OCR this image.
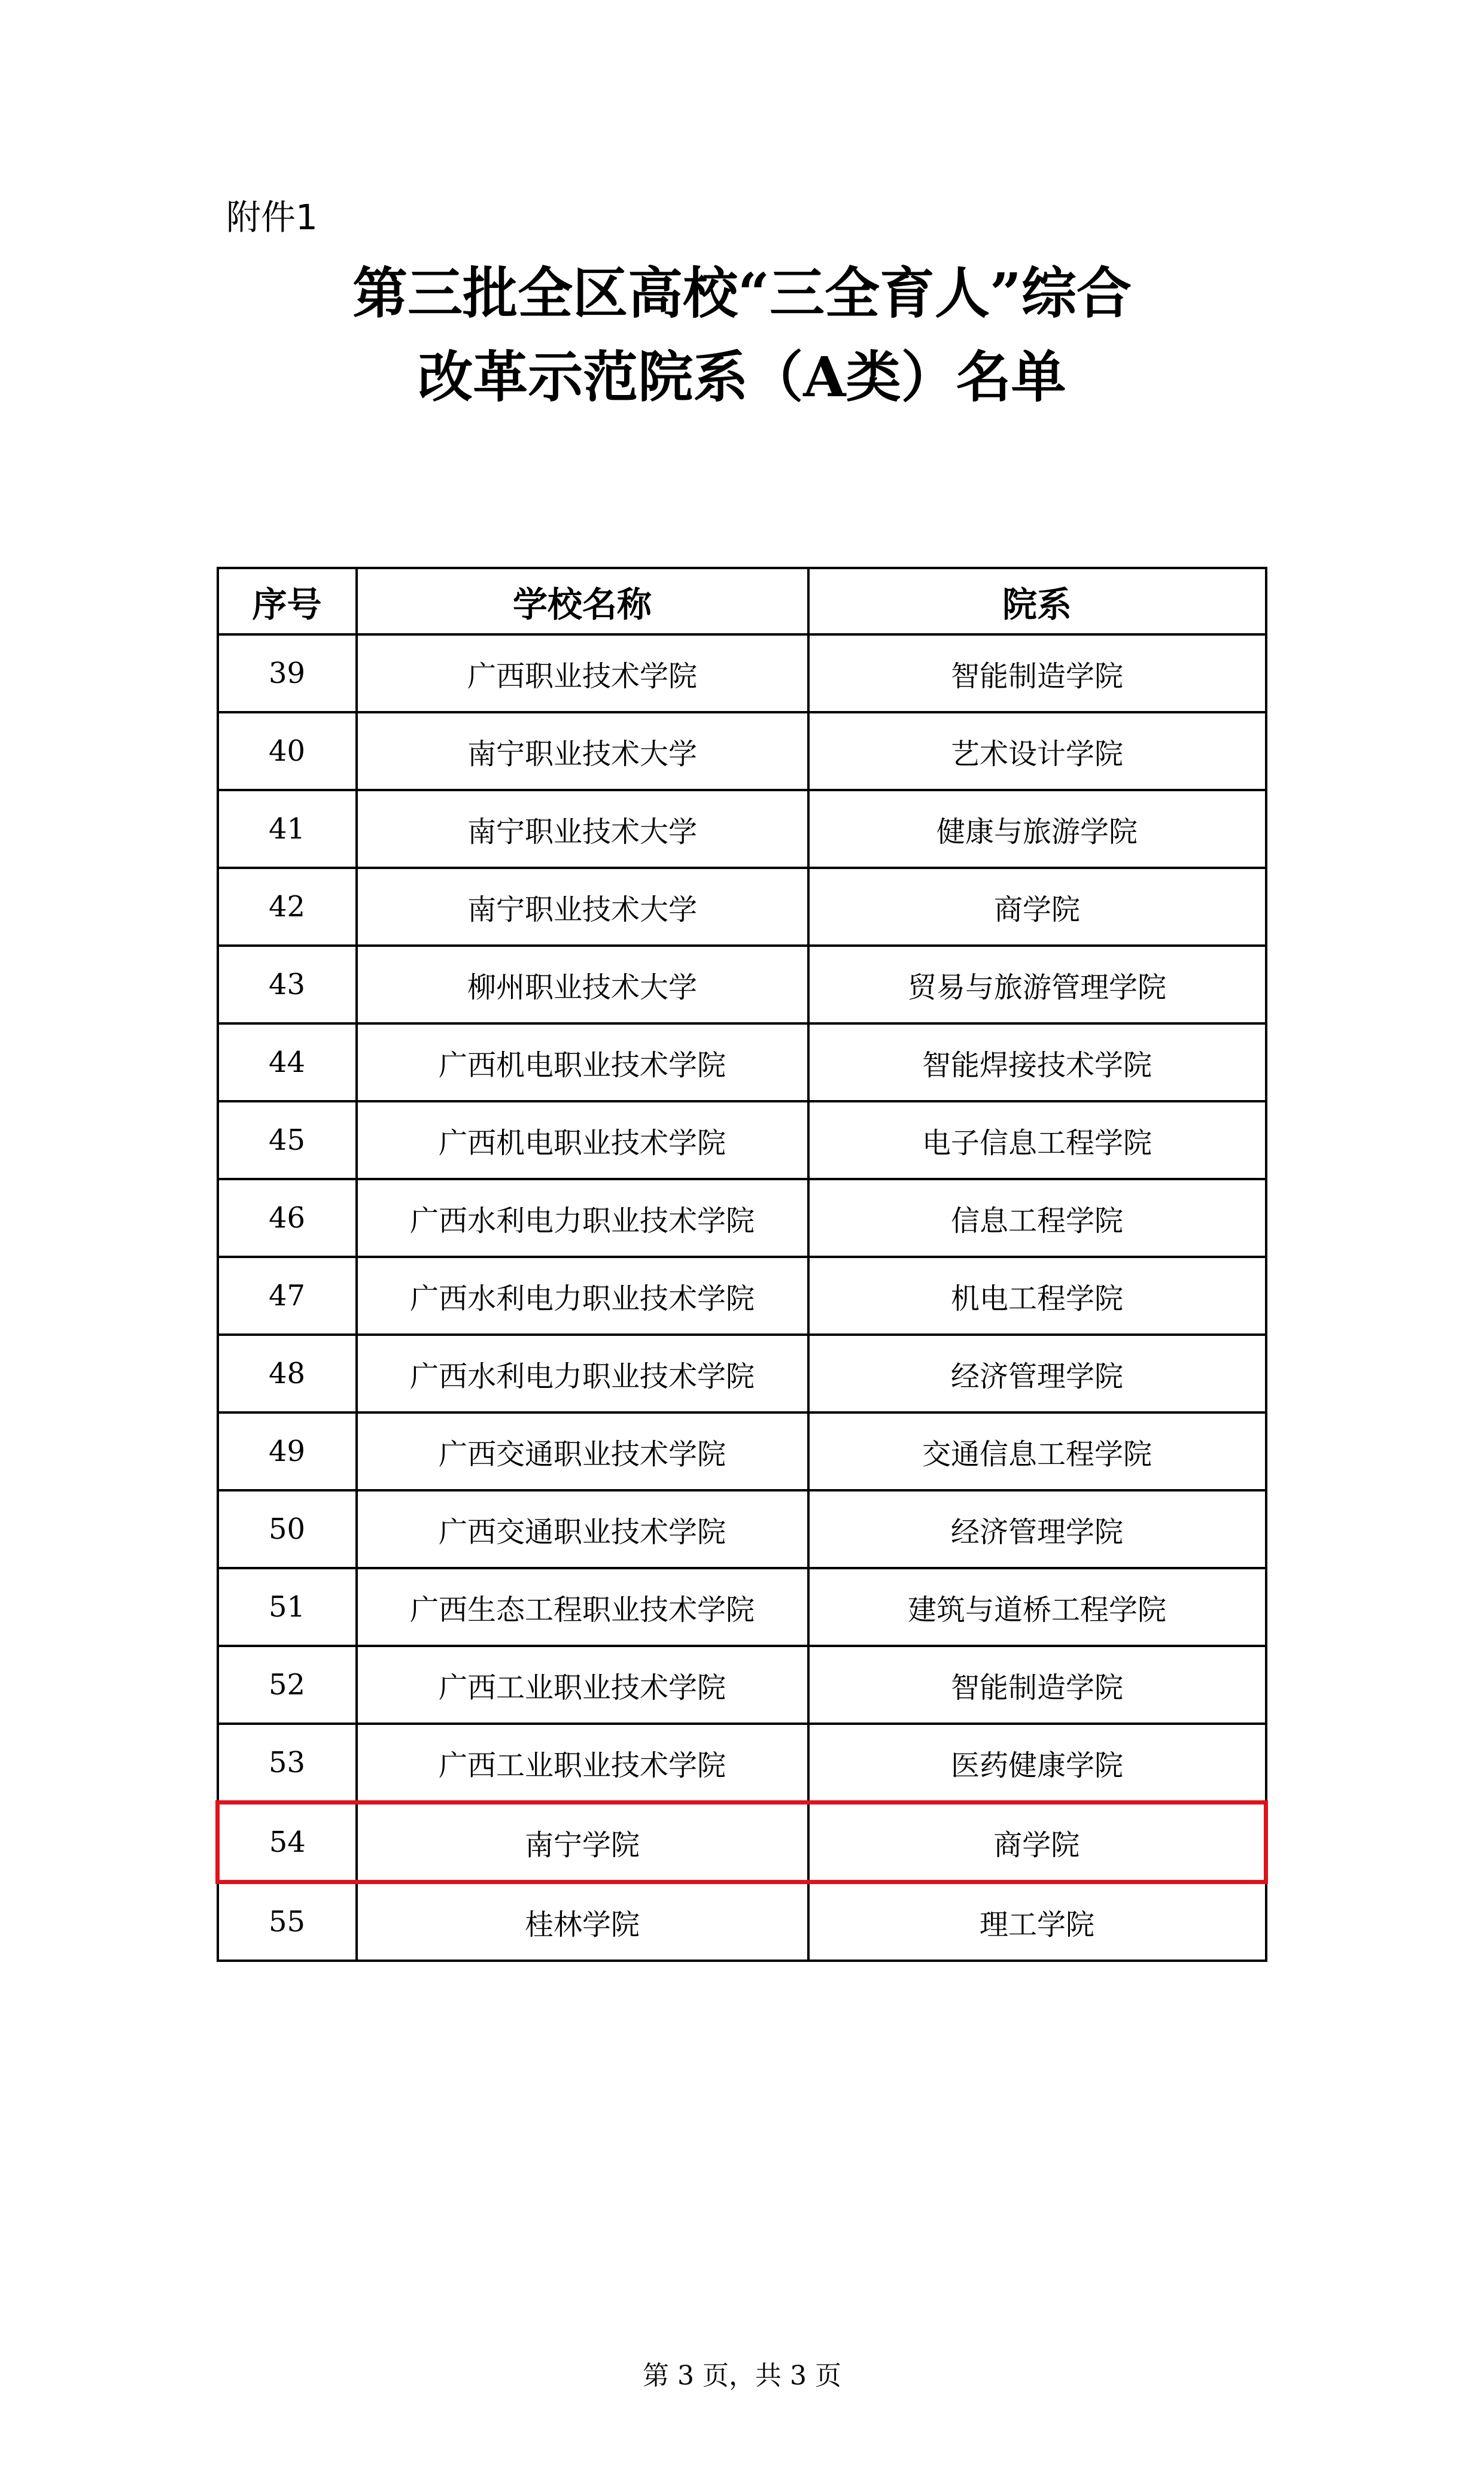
附件1
第三批全区高校“三全育人”综合
改革示范院系（A类）名单
序号	学校名称	院系
39	广西职业技术学院	智能制造学院
40	南宁职业技术大学	艺术设计学院
41	南宁职业技术大学	健康与旅游学院
42	南宁职业技术大学	商学院
43	柳州职业技术大学	贸易与旅游管理学院
44	广西机电职业技术学院	智能焊接技术学院
45	广西机电职业技术学院	电子信息工程学院
46	广西水利电力职业技术学院	信息工程学院
47	广西水利电力职业技术学院	机电工程学院
48	广西水利电力职业技术学院	经济管理学院
49	广西交通职业技术学院	交通信息工程学院
50	广西交通职业技术学院	经济管理学院
51	广西生态工程职业技术学院	建筑与道桥工程学院
52	广西工业职业技术学院	智能制造学院
53	广西工业职业技术学院	医药健康学院
54	南宁学院	商学院
55	桂林学院	理工学院
第 3 页，共 3 页
